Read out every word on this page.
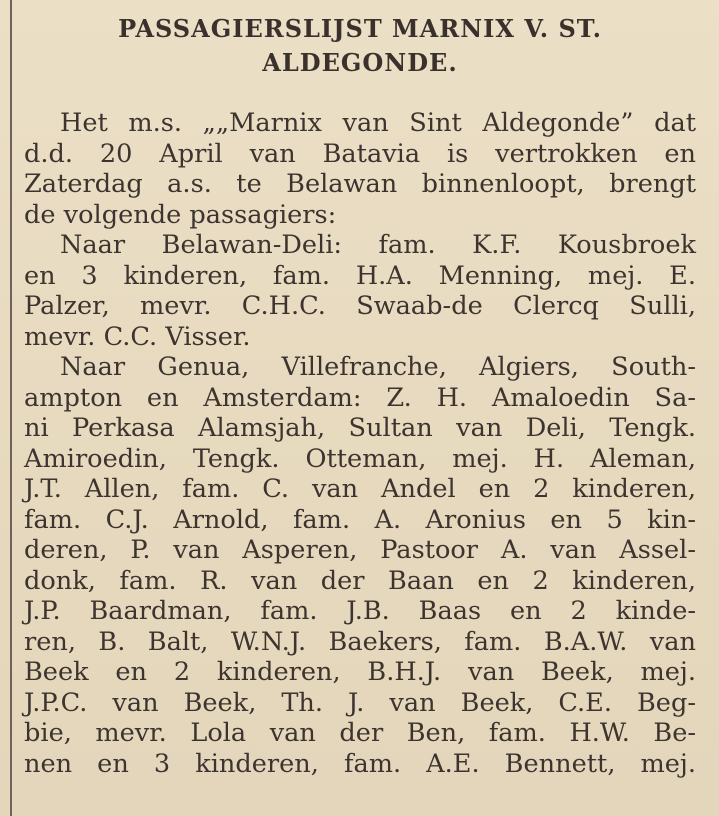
PASSAGIERSLIJST MARNIX V. ST.
ALDEGONDE.
Het m.s. „„Marnix van Sint Aldegonde” dat
d.d. 20 April van Batavia is vertrokken en
Zaterdag a.s. te Belawan binnenloopt, brengt
de volgende passagiers:
Naar Belawan-Deli: fam. K.F. Kousbroek
en 3 kinderen, fam. H.A. Menning, mej. E.
Palzer, mevr. C.H.C. Swaab-de Clercq Sulli,
mevr. C.C. Visser.
Naar Genua, Villefranche, Algiers, South-
ampton en Amsterdam: Z. H. Amaloedin Sa-
ni Perkasa Alamsjah, Sultan van Deli, Tengk.
Amiroedin, Tengk. Otteman, mej. H. Aleman,
J.T. Allen, fam. C. van Andel en 2 kinderen,
fam. C.J. Arnold, fam. A. Aronius en 5 kin-
deren, P. van Asperen, Pastoor A. van Assel-
donk, fam. R. van der Baan en 2 kinderen,
J.P. Baardman, fam. J.B. Baas en 2 kinde-
ren, B. Balt, W.N.J. Baekers, fam. B.A.W. van
Beek en 2 kinderen, B.H.J. van Beek, mej.
J.P.C. van Beek, Th. J. van Beek, C.E. Beg-
bie, mevr. Lola van der Ben, fam. H.W. Be-
nen en 3 kinderen, fam. A.E. Bennett, mej.
